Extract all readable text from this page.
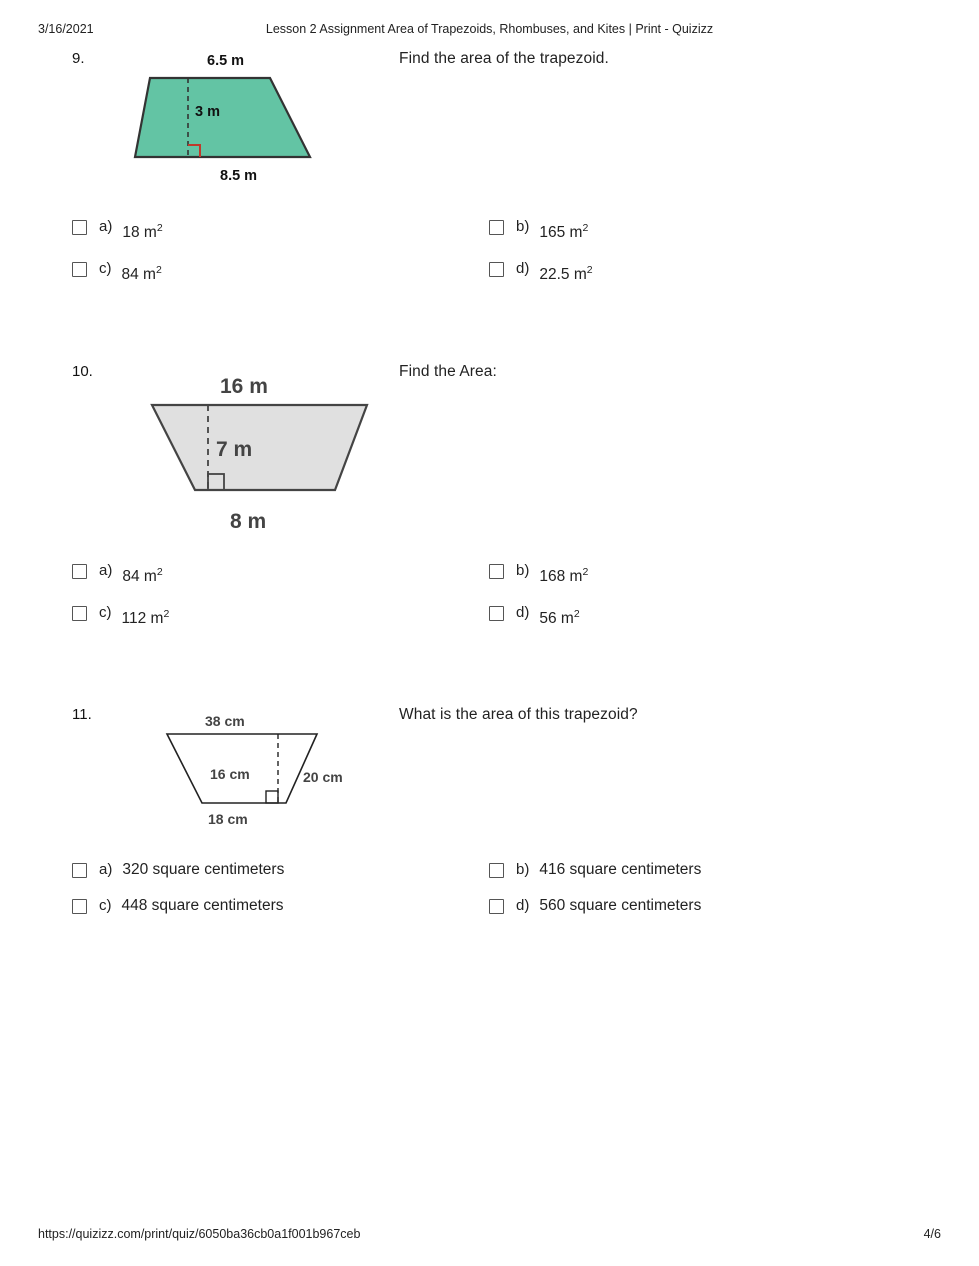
3/16/2021	Lesson 2 Assignment Area of Trapezoids, Rhombuses, and Kites | Print - Quizizz
9.	Find the area of the trapezoid.
6.5 m
3 m
8.5 m
a) 18 $m^2$	b) 165 $m^2$
c) 84 $m^2$	d) 22.5 $m^2$
10.	Find the Area:
16 m
7 m
8 m
a) 84 $m^2$	b) 168 $m^2$
c) 112 $m^2$	d) 56 $m^2$
11.	What is the area of this trapezoid?
38 cm
16 cm	20 cm
18 cm
a) 320 square centimeters	b) 416 square centimeters
c) 448 square centimeters	d) 560 square centimeters
https://quizizz.com/print/quiz/6050ba36cb0a1f001b967ceb	4/6
